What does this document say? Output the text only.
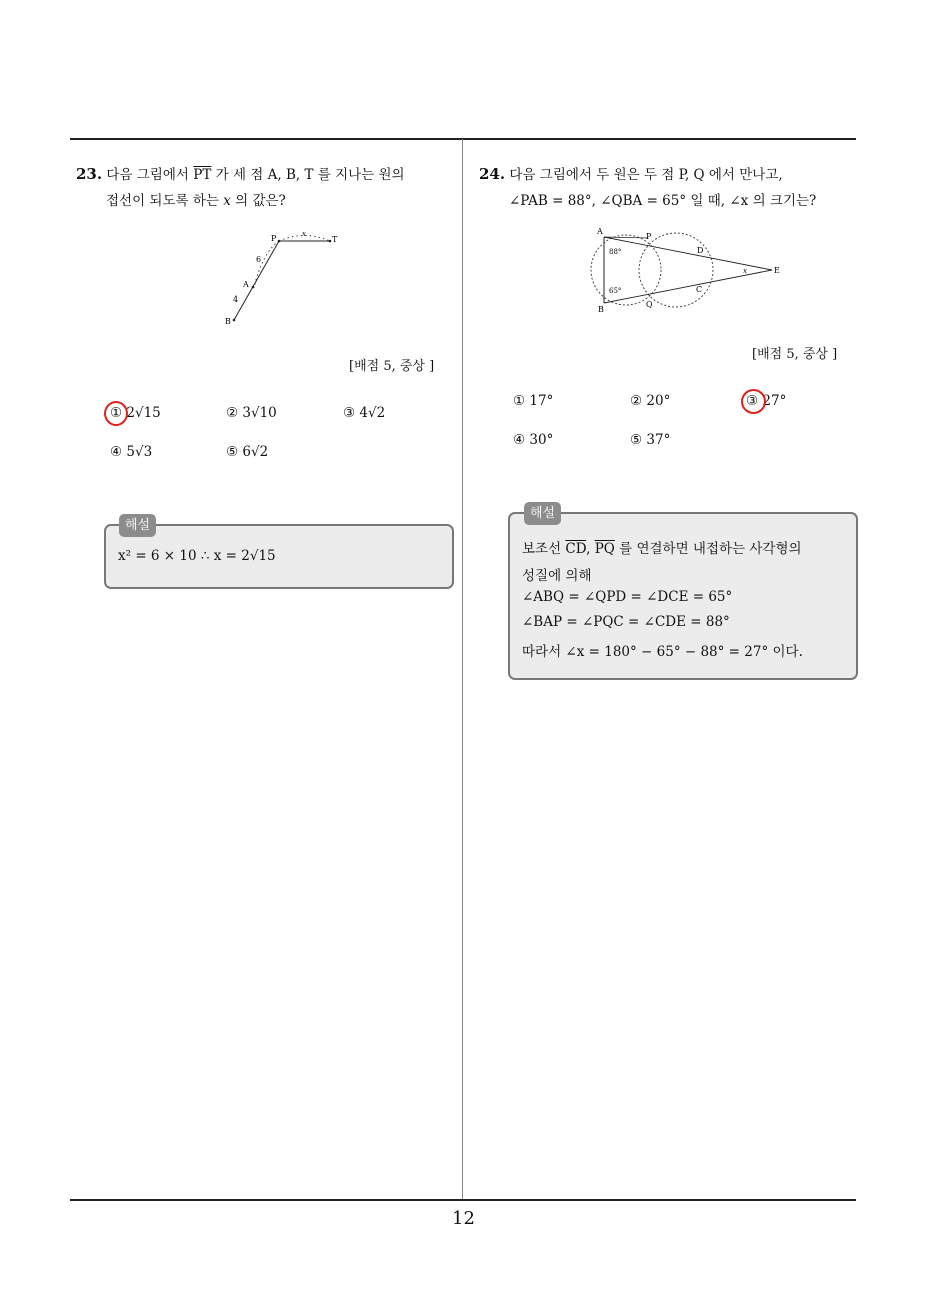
23. 다음 그림에서 $\overline{PT}$ 가 세 점 A, B, T 를 지나는 원의
접선이 되도록 하는 x 의 값은?
P	T
A
B
6
4
x
[배점 5, 중상 ]
① 2√15	② 3√10	③ 4√2
④ 5√3	⑤ 6√2
해설
x² = 6 × 10 ∴ x = 2√15
24. 다음 그림에서 두 원은 두 점 P, Q 에서 만나고,
∠PAB = 88°, ∠QBA = 65° 일 때, ∠x 의 크기는?
A
P
D
E
B
Q
C
88°
65°
x
[배점 5, 중상 ]
① 17°	② 20°	③ 27°
④ 30°	⑤ 37°
해설
보조선 $\overline{CD}$, $\overline{PQ}$ 를 연결하면 내접하는 사각형의
성질에 의해
∠ABQ = ∠QPD = ∠DCE = 65°
∠BAP = ∠PQC = ∠CDE = 88°
따라서 ∠x = 180° − 65° − 88° = 27° 이다.
12
